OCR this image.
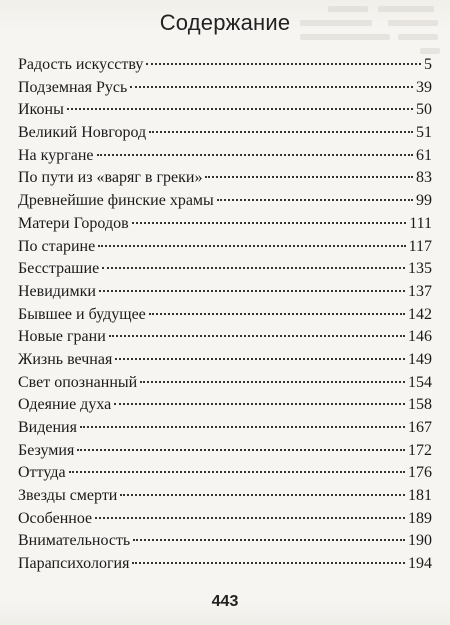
Содержание
Радость искусству	5
Подземная Русь	39
Иконы	50
Великий Новгород	51
На кургане	61
По пути из «варяг в греки»	83
Древнейшие финские храмы	99
Матери Городов	111
По старине	117
Бесстрашие	135
Невидимки	137
Бывшее и будущее	142
Новые грани	146
Жизнь вечная	149
Свет опознанный	154
Одеяние духа	158
Видения	167
Безумия	172
Оттуда	176
Звезды смерти	181
Особенное	189
Внимательность	190
Парапсихология	194
443
